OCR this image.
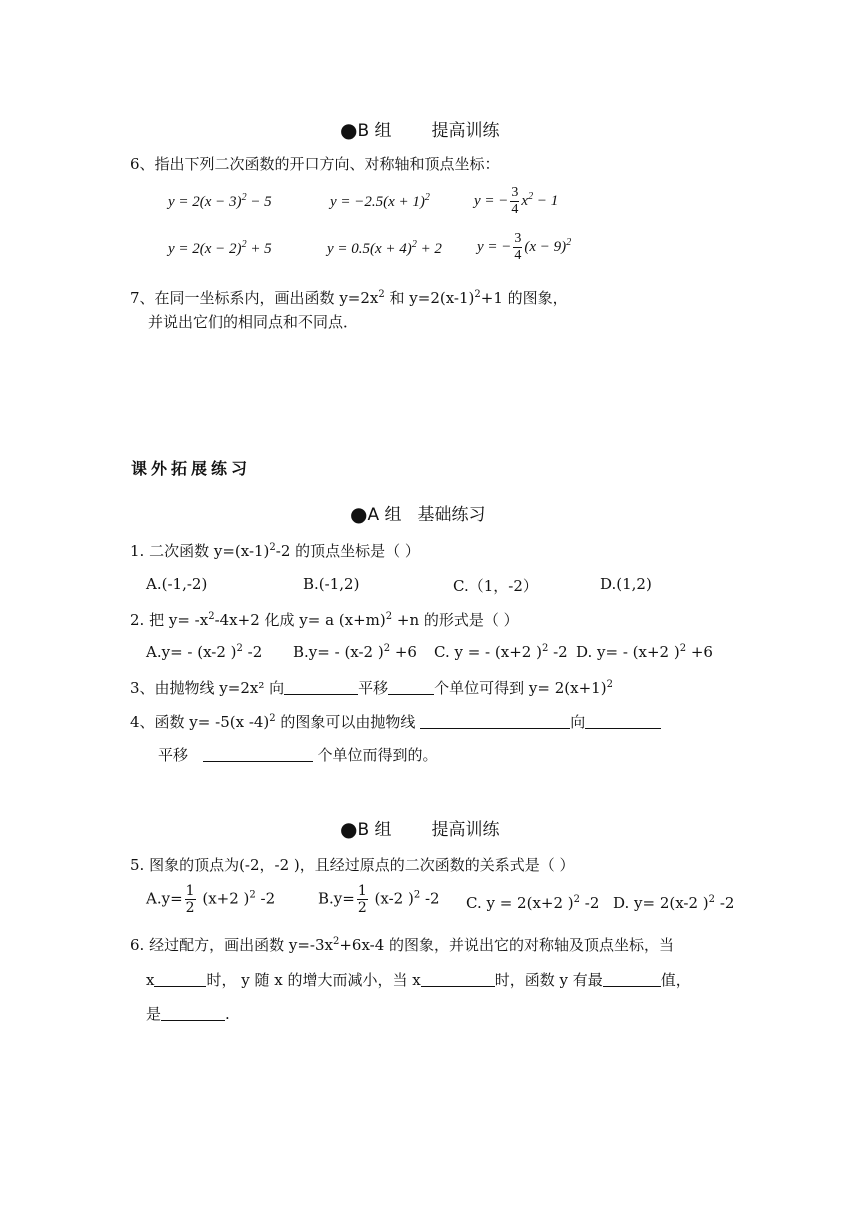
●B 组 提高训练
6、指出下列二次函数的开口方向、对称轴和顶点坐标：
$y = 2(x - 3)^2 - 5$	$y = -2.5(x + 1)^2$	y = − $\frac{3}{4} x^2 - 1$
$y = 2(x - 2)^2 + 5$	$y = 0.5(x + 4)^2 + 2$ y = − $\frac{3}{4} (x - 9)^2$
7、在同一坐标系内，画出函数 $y=2x^2$ 和 $y=2(x-1)^2+1$ 的图象，
并说出它们的相同点和不同点．
课外拓展练习
●A 组 基础练习
1. 二次函数 $y=(x-1)^2-2$ 的顶点坐标是（ ）
A.(-1,-2)	B.(-1,2)	C.（1，-2）	D.(1,2)
2. 把 $y= -x^2-4x+2$ 化成 y= a $(x+m)^2 +n$ 的形式是（ ）
A.y= - (x-2 )$^2$ -2 B.y= - (x-2 )$^2$ +6 C. y = - (x+2 )$^2$ -2 D. y= - (x+2 )$^2$ +6
3、由抛物线 y=2x² 向	平移	个单位可得到 $y= 2(x+1)^2$
4、函数 y= -5(x -4)$^2$ 的图象可以由抛物线	向
平移	个单位而得到的。
●B 组 提高训练
5. 图象的顶点为(-2，-2 )，且经过原点的二次函数的关系式是（ ）
$A.y= \frac{1}{2} (x+2$ )$^2$ -2	$B.y= \frac{1}{2} (x-2$ )$^2$ -2 C. y = 2(x+2 )$^2$ -2 D. y= 2(x-2 )$^2$ -2
6. 经过配方，画出函数 $y=-3x^2+6x-4$ 的图象，并说出它的对称轴及顶点坐标，当
x	时， y 随 x 的增大而减小，当 x	时，函数 y 有最	值，
是	.
